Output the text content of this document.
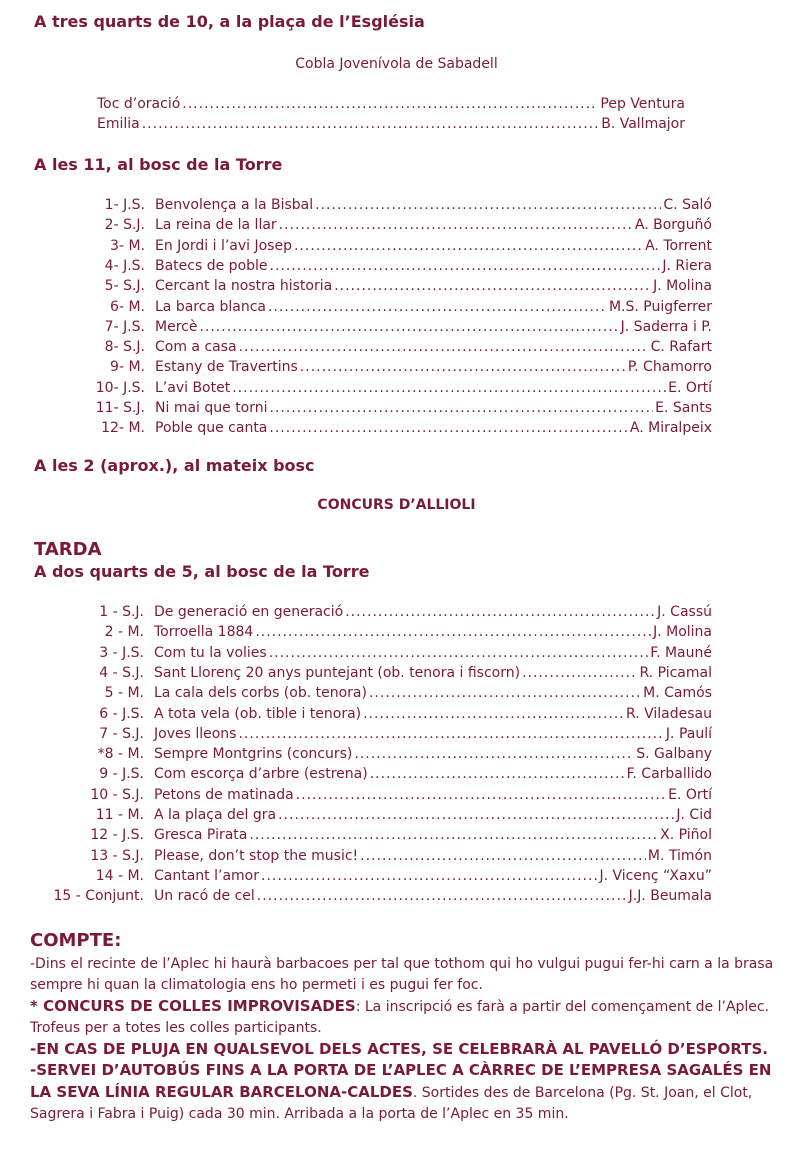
A tres quarts de 10, a la plaça de l’Església
Cobla Jovenívola de Sabadell
Toc d’oració .....	Pep Ventura
Emilia .....	B. Vallmajor
A les 11, al bosc de la Torre
1- J.S. Benvolença a la Bisbal .....	C. Saló
2- S.J. La reina de la llar .....	A. Borguñó
3- M. En Jordi i l’avi Josep .....	A. Torrent
4- J.S. Batecs de poble .....	J. Riera
5- S.J. Cercant la nostra historia .....	J. Molina
6- M. La barca blanca .....	M.S. Puigferrer
7- J.S. Mercè .....	J. Saderra i P.
8- S.J. Com a casa .....	C. Rafart
9- M. Estany de Travertins .....	P. Chamorro
10- J.S. L’avi Botet .....	E. Ortí
11- S.J. Ni mai que torni .....	E. Sants
12- M. Poble que canta .....	A. Miralpeix
A les 2 (aprox.), al mateix bosc
CONCURS D’ALLIOLI
TARDA
A dos quarts de 5, al bosc de la Torre
1 - S.J. De generació en generació .....	J. Cassú
2 - M. Torroella 1884 .....	J. Molina
3 - J.S. Com tu la volies .....	F. Mauné
4 - S.J. Sant Llorenç 20 anys puntejant (ob. tenora i fiscorn) .....	R. Picamal
5 - M. La cala dels corbs (ob. tenora) .....	M. Camós
6 - J.S. A tota vela (ob. tible i tenora) .....	R. Viladesau
7 - S.J. Joves lleons .....	J. Paulí
*8 - M. Sempre Montgrins (concurs) .....	S. Galbany
9 - J.S. Com escorça d’arbre (estrena) .....	F. Carballido
10 - S.J. Petons de matinada .....	E. Ortí
11 - M. A la plaça del gra .....	J. Cid
12 - J.S. Gresca Pirata .....	X. Piñol
13 - S.J. Please, don’t stop the music! .....	M. Timón
14 - M. Cantant l’amor .....	J. Vicenç “Xaxu”
15 - Conjunt. Un racó de cel .....	J.J. Beumala
COMPTE:
-Dins el recinte de l’Aplec hi haurà barbacoes per tal que tothom qui ho vulgui pugui fer-hi carn a la brasa sempre hi quan la climatologia ens ho permeti i es pugui fer foc.
* CONCURS DE COLLES IMPROVISADES: La inscripció es farà a partir del començament de l’Aplec. Trofeus per a totes les colles participants.
-EN CAS DE PLUJA EN QUALSEVOL DELS ACTES, SE CELEBRARÀ AL PAVELLÓ D’ESPORTS.
-SERVEI D’AUTOBÚS FINS A LA PORTA DE L’APLEC A CÀRREC DE L’EMPRESA SAGALÉS EN LA SEVA LÍNIA REGULAR BARCELONA-CALDES. Sortides des de Barcelona (Pg. St. Joan, el Clot, Sagrera i Fabra i Puig) cada 30 min. Arribada a la porta de l’Aplec en 35 min.
